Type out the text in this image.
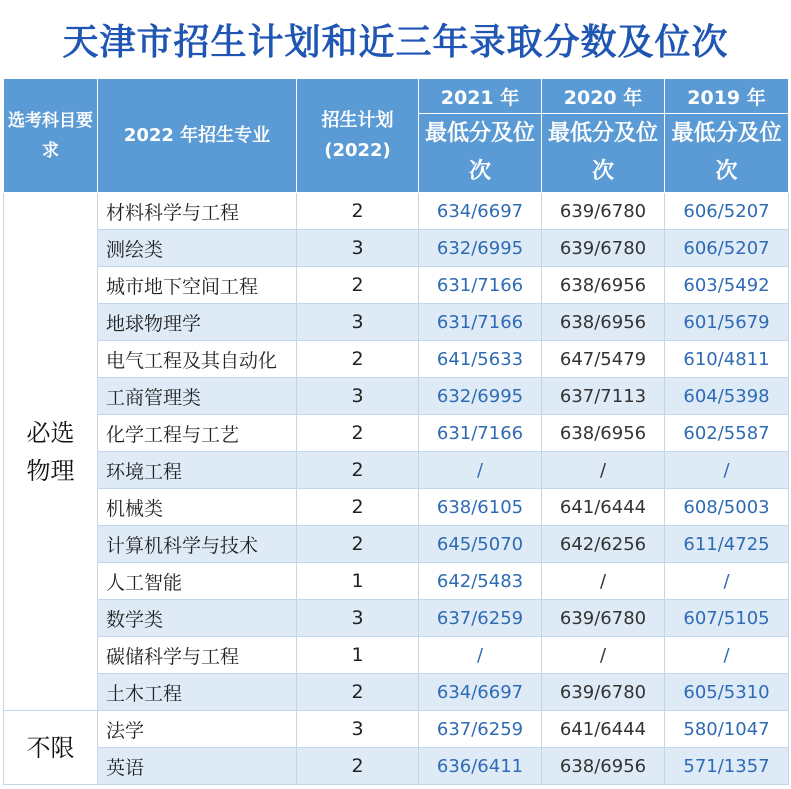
天津市招生计划和近三年录取分数及位次
选考科目要求	2022 年招生专业	招生计划(2022)	2021 年	2020 年	2019 年
			最低分及位次	最低分及位次	最低分及位次
必选物理	材料科学与工程	2	634/6697	639/6780	606/5207
	测绘类	3	632/6995	639/6780	606/5207
	城市地下空间工程	2	631/7166	638/6956	603/5492
	地球物理学	3	631/7166	638/6956	601/5679
	电气工程及其自动化	2	641/5633	647/5479	610/4811
	工商管理类	3	632/6995	637/7113	604/5398
	化学工程与工艺	2	631/7166	638/6956	602/5587
	环境工程	2	/	/	/
	机械类	2	638/6105	641/6444	608/5003
	计算机科学与技术	2	645/5070	642/6256	611/4725
	人工智能	1	642/5483	/	/
	数学类	3	637/6259	639/6780	607/5105
	碳储科学与工程	1	/	/	/
	土木工程	2	634/6697	639/6780	605/5310
不限	法学	3	637/6259	641/6444	580/1047
	英语	2	636/6411	638/6956	571/1357
